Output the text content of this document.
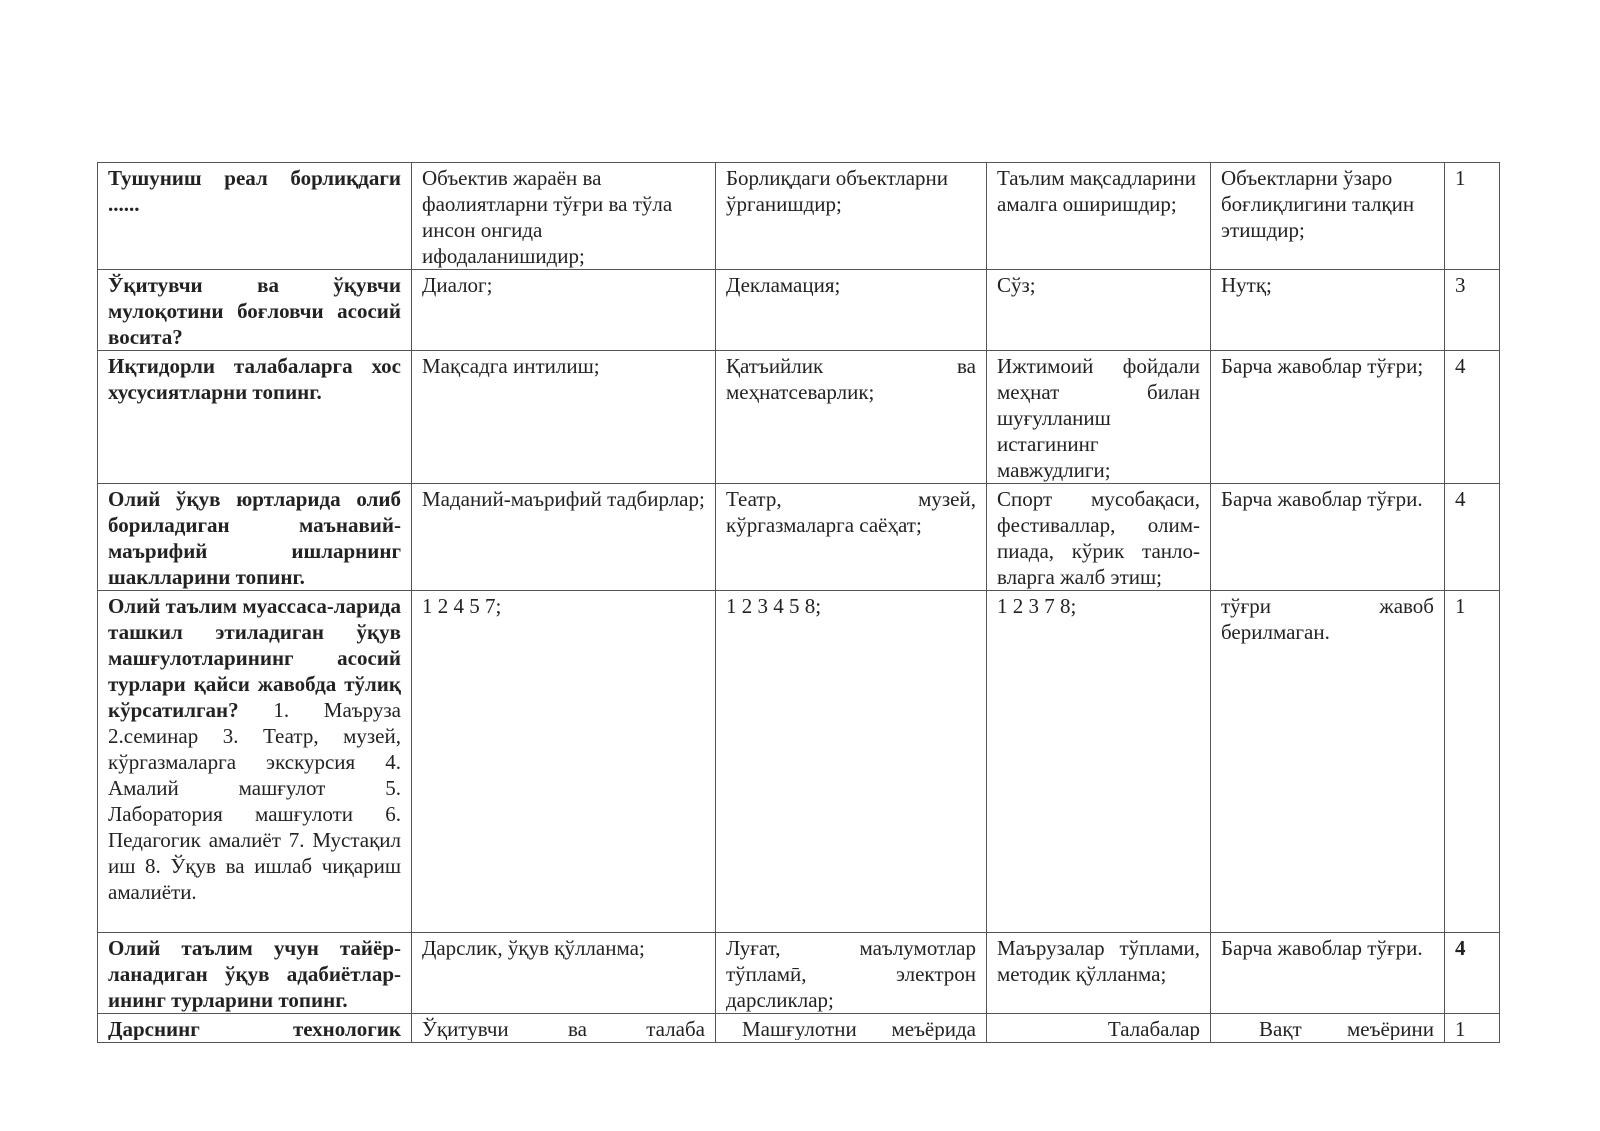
Тушуниш реал борлиқдаги ......	Объектив жараён ва фаолиятларни тўғри ва тўла инсон онгида ифодаланишидир;	Борлиқдаги объектларни ўрганишдир;	Таълим мақсадларини амалга оширишдир;	Объектларни ўзаро боғлиқлигини талқин этишдир;	1
Ўқитувчи ва ўқувчи мулоқотини боғловчи асосий восита?	Диалог;	Декламация;	Сўз;	Нутқ;	3
Иқтидорли талабаларга хос хусусиятларни топинг.	Мақсадга интилиш;	Қатъийлик ва меҳнатсеварлик;	Ижтимоий фойдали меҳнат билан шуғулланиш истагининг мавжудлиги;	Барча жавоблар тўғри;	4
Олий ўқув юртларида олиб бориладиган маънавий-маърифий ишларнинг шаклларини топинг.	Маданий-маърифий тадбирлар;	Театр, музей, кўргазмаларга саёҳат;	Спорт мусобақаси, фестиваллар, олим-пиада, кўрик танло-вларга жалб этиш;	Барча жавоблар тўғри.	4
Олий таълим муассаса-ларида ташкил этиладиган ўқув машғулотларининг асосий турлари қайси жавобда тўлиқ кўрсатилган? 1. Маъруза 2.семинар 3. Театр, музей, кўргазмаларга экскурсия 4. Амалий машғулот 5. Лаборатория машғулоти 6. Педагогик амалиёт 7. Мустақил иш 8. Ўқув ва ишлаб чиқариш амалиёти.	1 2 4 5 7;	1 2 3 4 5 8;	1 2 3 7 8;	тўғри жавоб берилмаган.	1
Олий таълим учун тайёр-ланадиган ўқув адабиётлар-ининг турларини топинг.	Дарслик, ўқув қўлланма;	Луғат, маълумотлар тўпламӣ, электрон дарсликлар;	Маърузалар тўплами, методик қўлланма;	Барча жавоблар тўғри.	4

Дарснинг технологик	Ўқитувчи ва талаба	Машғулотни меъёрида	Талабалар	Вақт меъёрини	1
